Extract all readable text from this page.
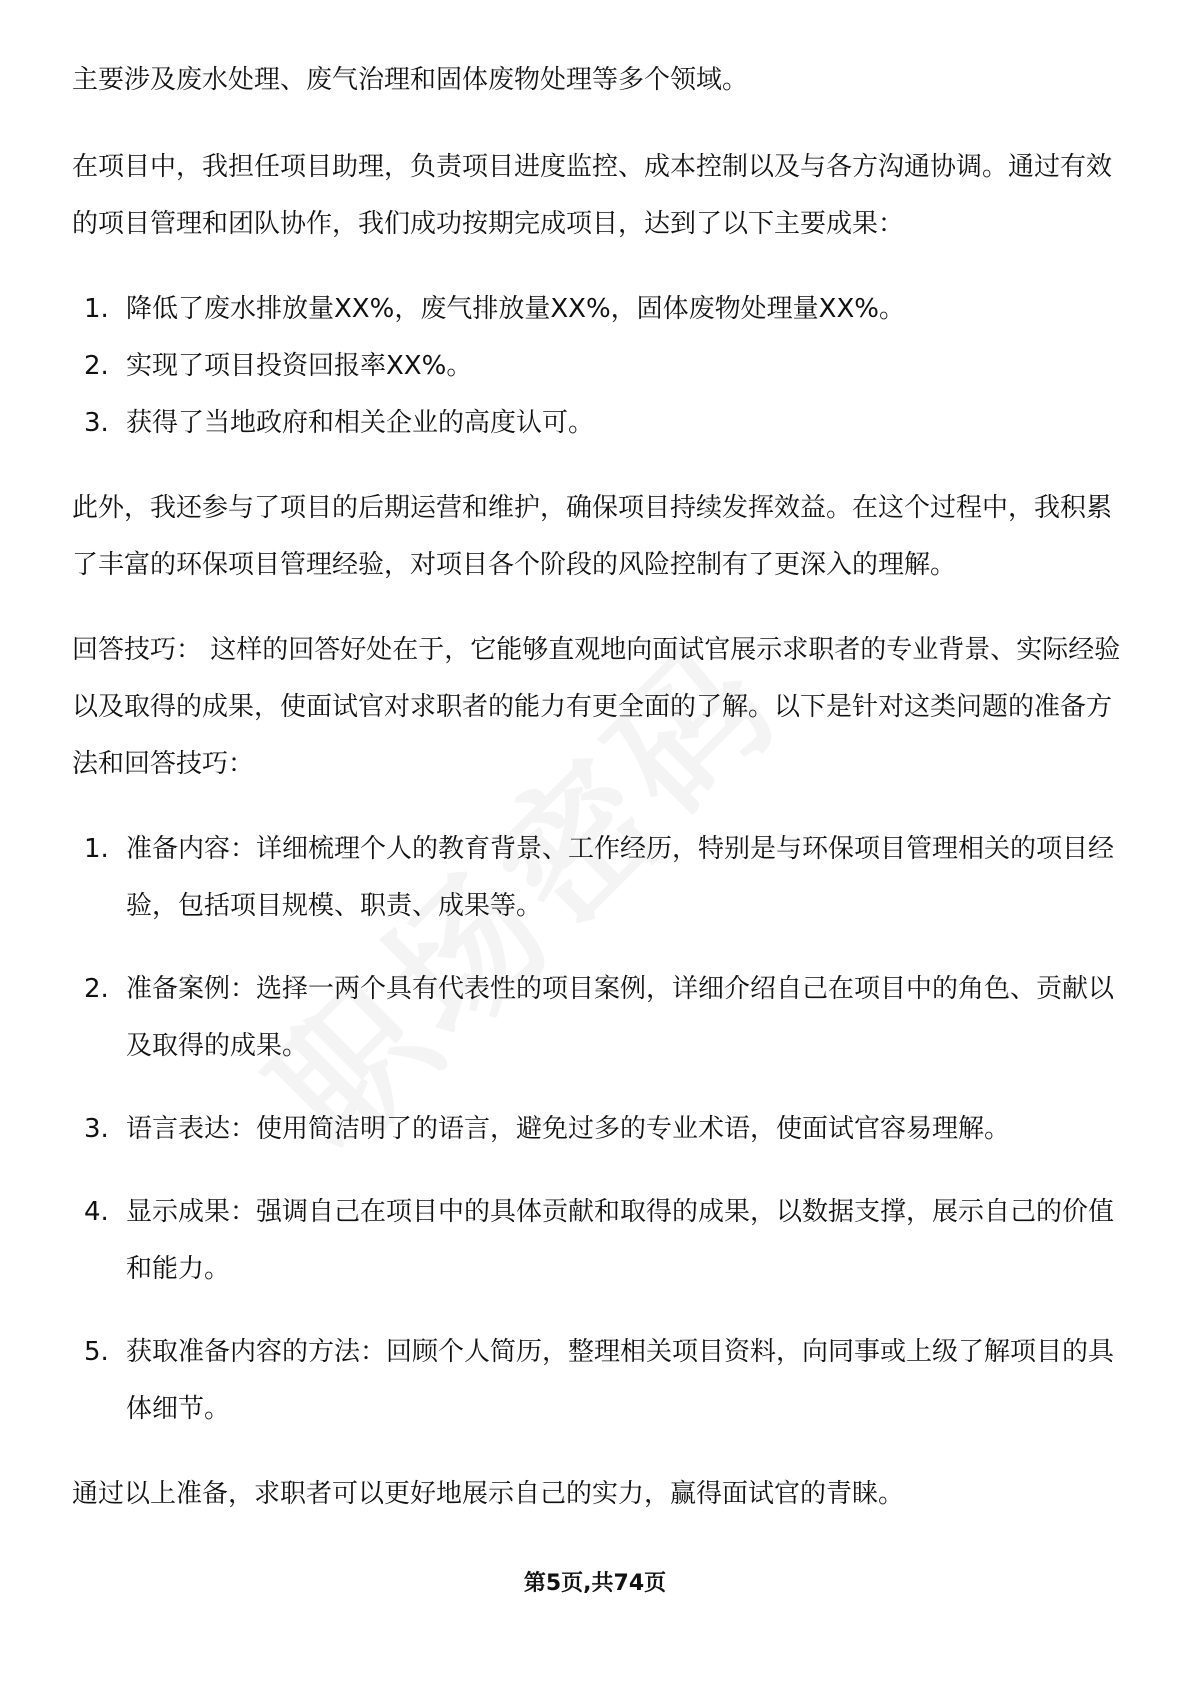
主要涉及废水处理、废气治理和固体废物处理等多个领域。

在项目中，我担任项目助理，负责项目进度监控、成本控制以及与各方沟通协调。通过有效的项目管理和团队协作，我们成功按期完成项目，达到了以下主要成果：

1. 降低了废水排放量XX%，废气排放量XX%，固体废物处理量XX%。
2. 实现了项目投资回报率XX%。
3. 获得了当地政府和相关企业的高度认可。

此外，我还参与了项目的后期运营和维护，确保项目持续发挥效益。在这个过程中，我积累了丰富的环保项目管理经验，对项目各个阶段的风险控制有了更深入的理解。

回答技巧： 这样的回答好处在于，它能够直观地向面试官展示求职者的专业背景、实际经验以及取得的成果，使面试官对求职者的能力有更全面的了解。以下是针对这类问题的准备方法和回答技巧：

1. 准备内容：详细梳理个人的教育背景、工作经历，特别是与环保项目管理相关的项目经验，包括项目规模、职责、成果等。
2. 准备案例：选择一两个具有代表性的项目案例，详细介绍自己在项目中的角色、贡献以及取得的成果。
3. 语言表达：使用简洁明了的语言，避免过多的专业术语，使面试官容易理解。
4. 显示成果：强调自己在项目中的具体贡献和取得的成果，以数据支撑，展示自己的价值和能力。
5. 获取准备内容的方法：回顾个人简历，整理相关项目资料，向同事或上级了解项目的具体细节。

通过以上准备，求职者可以更好地展示自己的实力，赢得面试官的青睐。

第5页,共74页
